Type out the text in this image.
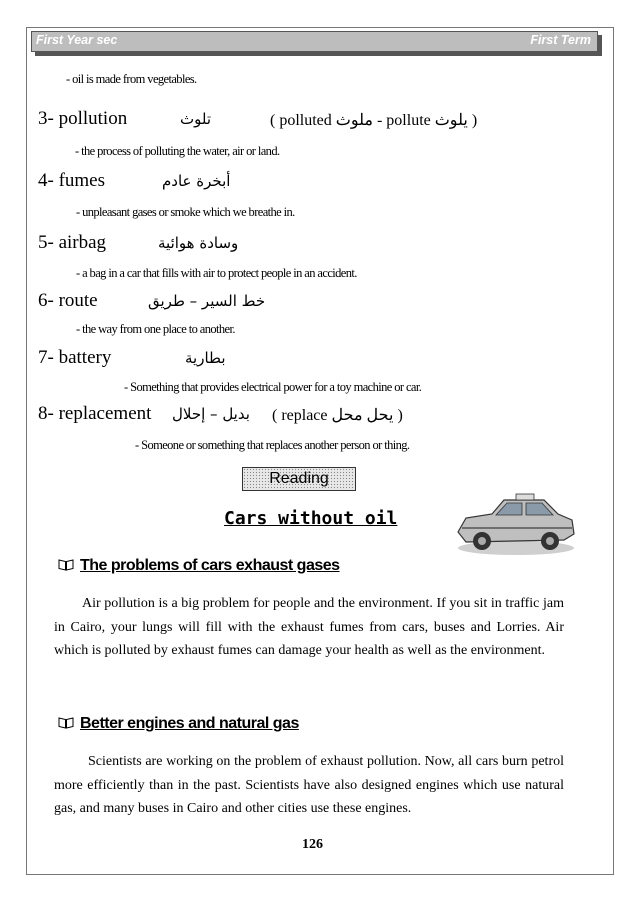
First Year sec	First Term
- oil is made from vegetables.
3- pollution	تلوث	( polluted ملوث - pollute يلوث )
- the process of polluting the water, air or land.
4- fumes	أبخرة عادم
- unpleasant gases or smoke which we breathe in.
5- airbag	وسادة هوائية
- a bag in a car that fills with air to protect people in an accident.
6- route	خط السير – طريق
- the way from one place to another.
7- battery	بطارية
- Something that provides electrical power for a toy machine or car.
8- replacement بديل – إحلال ( replace يحل محل )
- Someone or something that replaces another person or thing.
Reading
Cars without oil
The problems of cars exhaust gases
Air pollution is a big problem for people and the environment. If you sit in traffic jam in Cairo, your lungs will fill with the exhaust fumes from cars, buses and Lorries. Air which is polluted by exhaust fumes can damage your health as well as the environment.
Better engines and natural gas
Scientists are working on the problem of exhaust pollution. Now, all cars burn petrol more efficiently than in the past. Scientists have also designed engines which use natural gas, and many buses in Cairo and other cities use these engines.
126
